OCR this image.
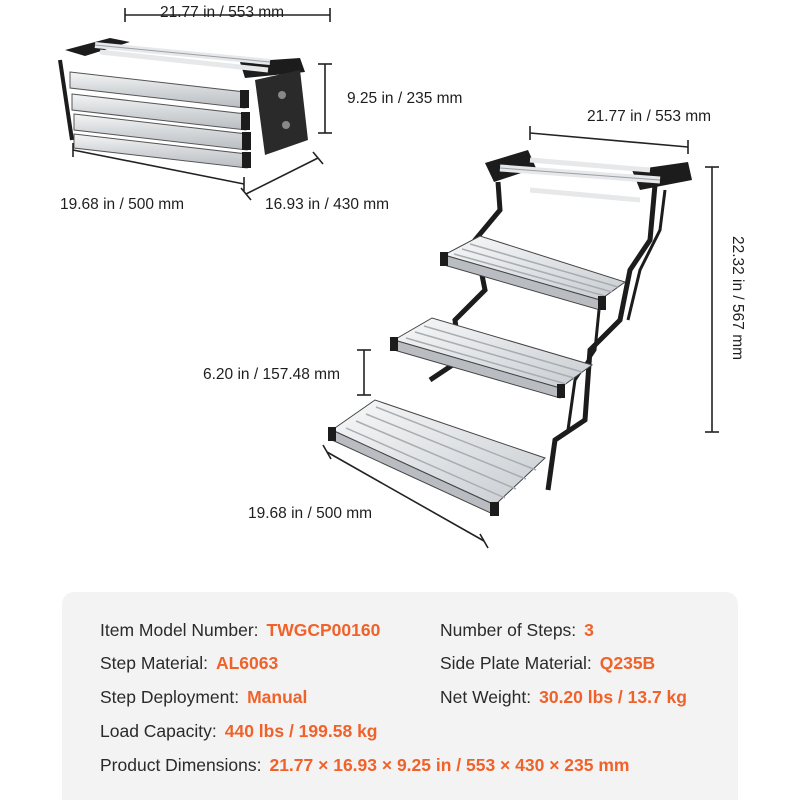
21.77 in / 553 mm
9.25 in / 235 mm
19.68 in / 500 mm	16.93 in / 430 mm
21.77 in / 553 mm
22.32 in / 567 mm
6.20 in / 157.48 mm
19.68 in / 500 mm
Item Model Number: TWGCP00160	Number of Steps: 3
Step Material: AL6063	Side Plate Material: Q235B
Step Deployment: Manual	Net Weight: 30.20 lbs / 13.7 kg
Load Capacity: 440 lbs / 199.58 kg
Product Dimensions: 21.77 × 16.93 × 9.25 in / 553 × 430 × 235 mm
